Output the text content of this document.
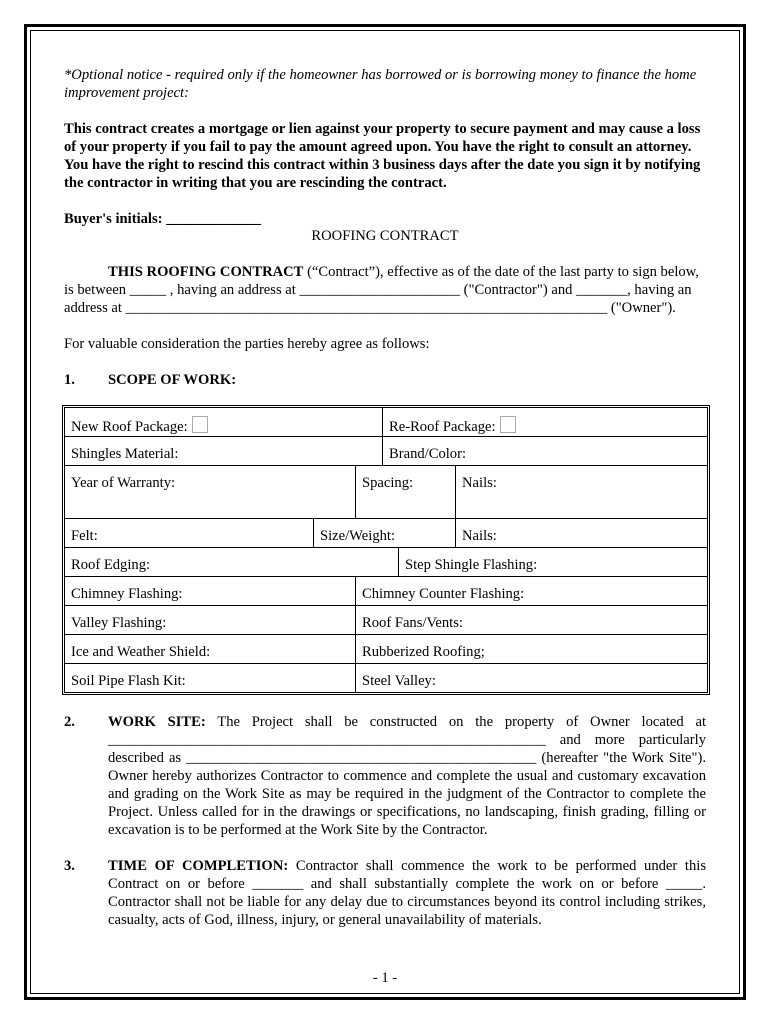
*Optional notice - required only if the homeowner has borrowed or is borrowing money to finance the home improvement project:

This contract creates a mortgage or lien against your property to secure payment and may cause a loss of your property if you fail to pay the amount agreed upon. You have the right to consult an attorney. You have the right to rescind this contract within 3 business days after the date you sign it by notifying the contractor in writing that you are rescinding the contract.

Buyer's initials: _____________

ROOFING CONTRACT

THIS ROOFING CONTRACT (“Contract”), effective as of the date of the last party to sign below, is between _____ , having an address at ______________________ ("Contractor") and _______, having an address at __________________________________________________________________ ("Owner").

For valuable consideration the parties hereby agree as follows:

1. SCOPE OF WORK:

New Roof Package:	Re-Roof Package:
Shingles Material:	Brand/Color:
Year of Warranty:	Spacing:	Nails:
Felt:	Size/Weight:	Nails:
Roof Edging:	Step Shingle Flashing:
Chimney Flashing:	Chimney Counter Flashing:
Valley Flashing:	Roof Fans/Vents:
Ice and Weather Shield:	Rubberized Roofing;
Soil Pipe Flash Kit:	Steel Valley:
2.	WORK SITE: The Project shall be constructed on the property of Owner located at ____________________________________________________________ and more particularly described as ________________________________________________ (hereafter "the Work Site"). Owner hereby authorizes Contractor to commence and complete the usual and customary excavation and grading on the Work Site as may be required in the judgment of the Contractor to complete the Project. Unless called for in the drawings or specifications, no landscaping, finish grading, filling or excavation is to be performed at the Work Site by the Contractor.

3.	TIME OF COMPLETION: Contractor shall commence the work to be performed under this Contract on or before _______ and shall substantially complete the work on or before _____. Contractor shall not be liable for any delay due to circumstances beyond its control including strikes, casualty, acts of God, illness, injury, or general unavailability of materials.

- 1 -
